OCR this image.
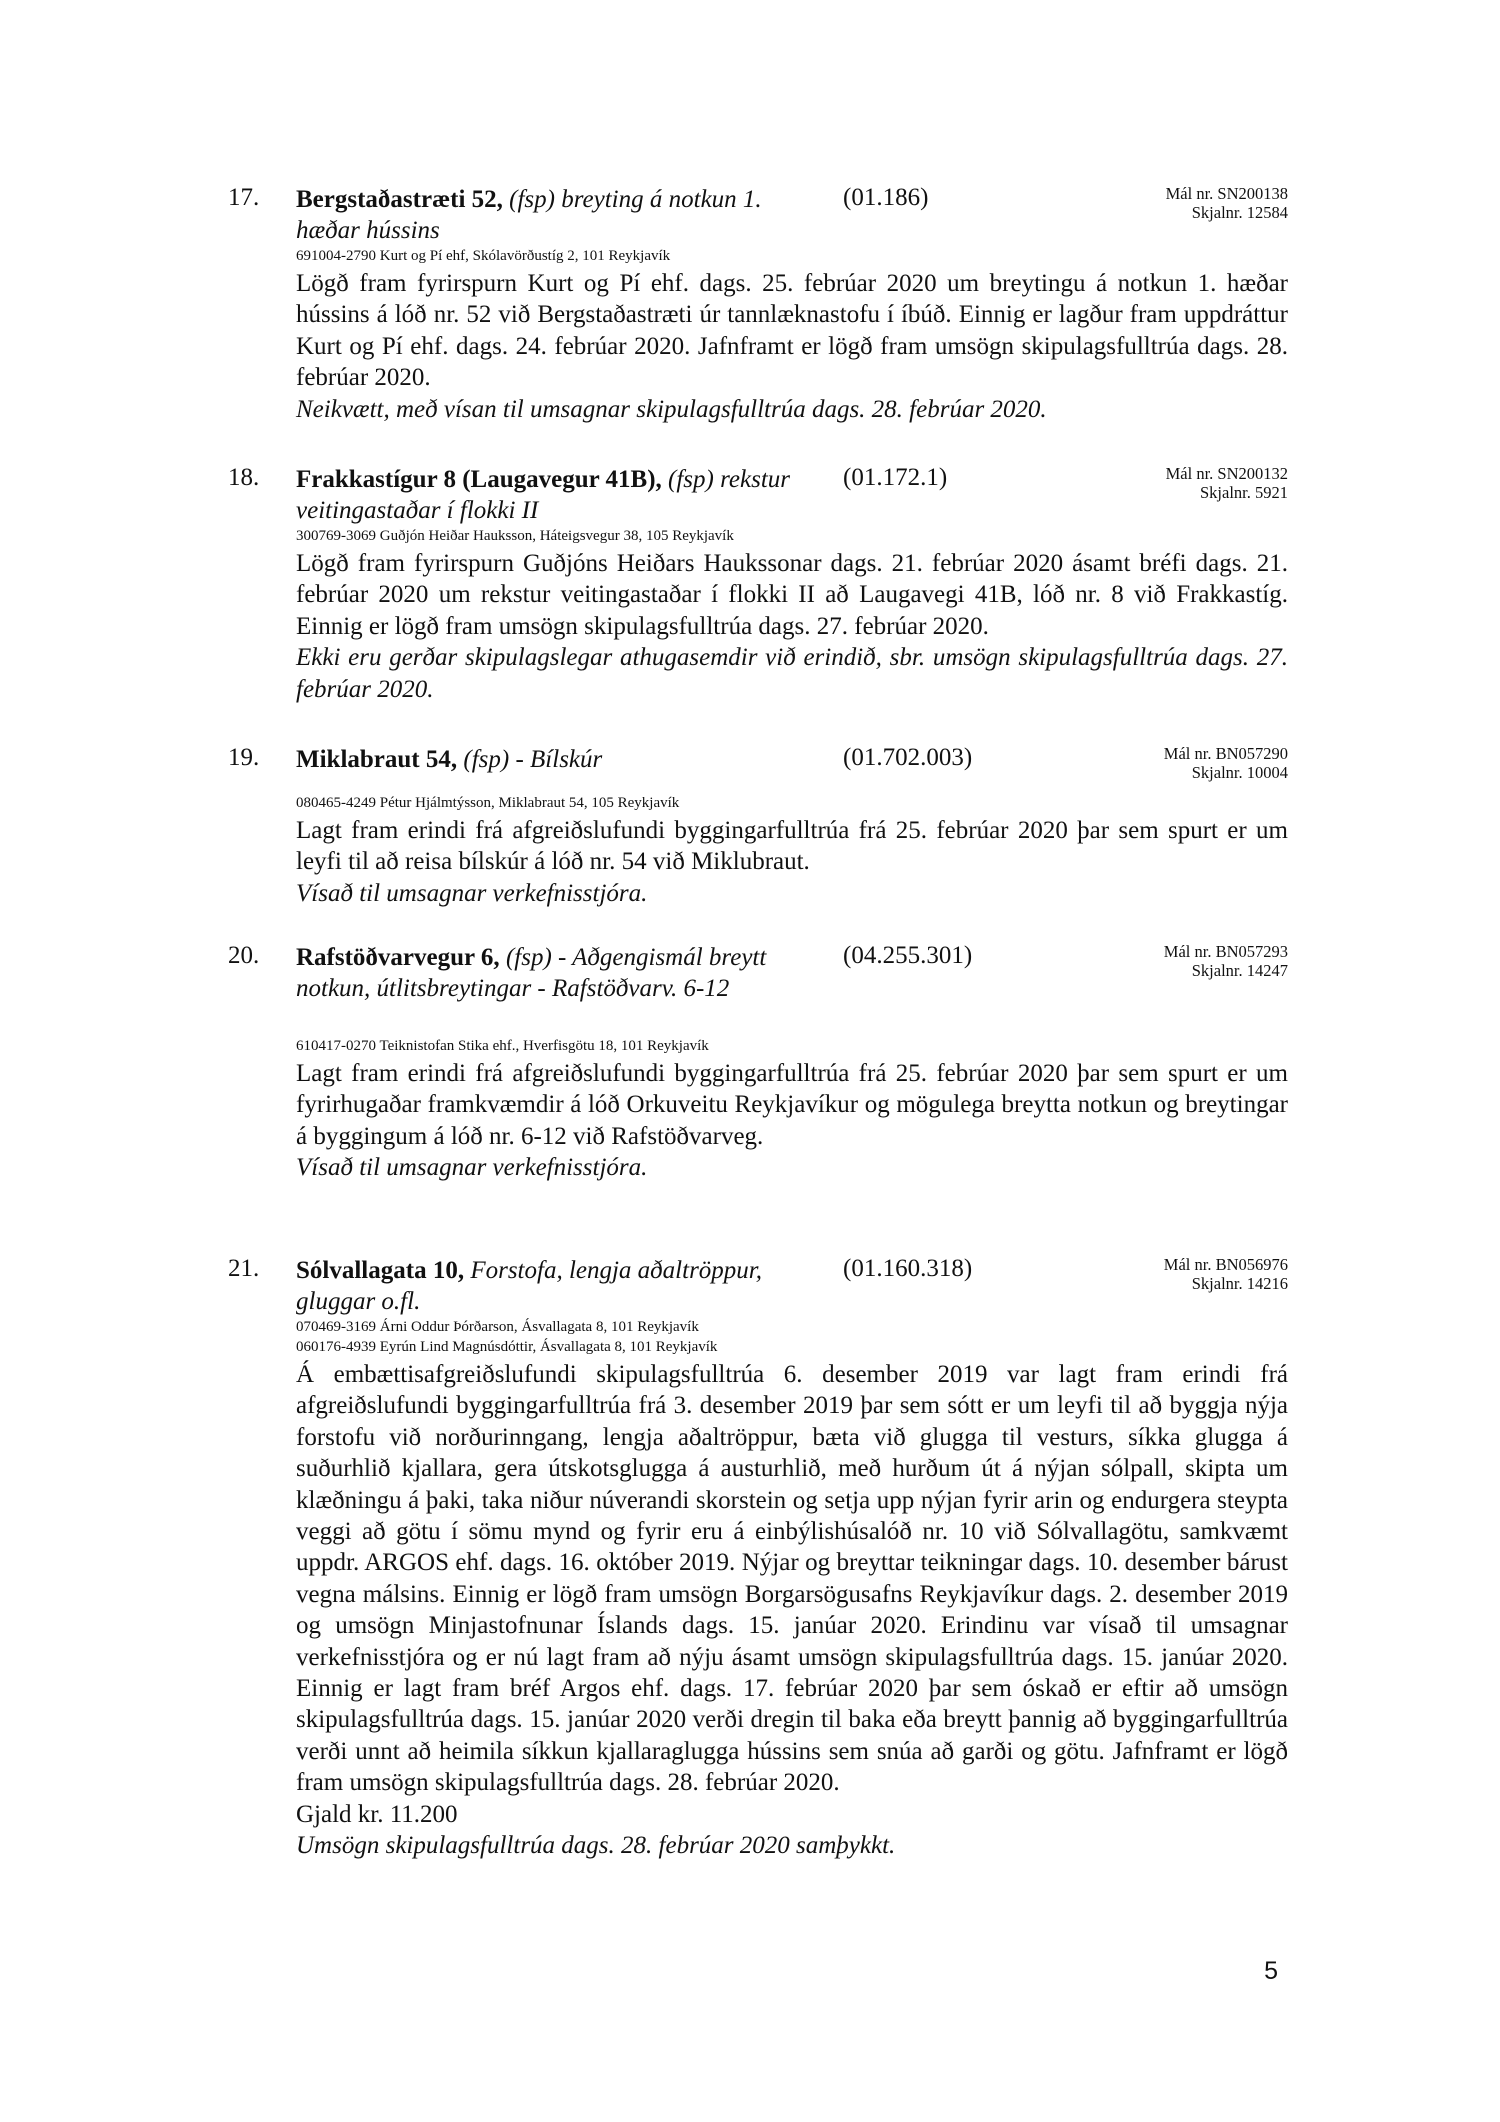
17. Bergstaðastræti 52, (fsp) breyting á notkun 1. hæðar hússins
(01.186)	Mál nr. SN200138
Skjalnr. 12584
691004-2790 Kurt og Pí ehf, Skólavörðustíg 2, 101 Reykjavík

Lögð fram fyrirspurn Kurt og Pí ehf. dags. 25. febrúar 2020 um breytingu á notkun 1. hæðar hússins á lóð nr. 52 við Bergstaðastræti úr tannlæknastofu í íbúð. Einnig er lagður fram uppdráttur Kurt og Pí ehf. dags. 24. febrúar 2020. Jafnframt er lögð fram umsögn skipulagsfulltrúa dags. 28. febrúar 2020.

Neikvætt, með vísan til umsagnar skipulagsfulltrúa dags. 28. febrúar 2020.

18. Frakkastígur 8 (Laugavegur 41B), (fsp) rekstur veitingastaðar í flokki II
(01.172.1)	Mál nr. SN200132
Skjalnr. 5921
300769-3069 Guðjón Heiðar Hauksson, Háteigsvegur 38, 105 Reykjavík

Lögð fram fyrirspurn Guðjóns Heiðars Haukssonar dags. 21. febrúar 2020 ásamt bréfi dags. 21. febrúar 2020 um rekstur veitingastaðar í flokki II að Laugavegi 41B, lóð nr. 8 við Frakkastíg. Einnig er lögð fram umsögn skipulagsfulltrúa dags. 27. febrúar 2020.

Ekki eru gerðar skipulagslegar athugasemdir við erindið, sbr. umsögn skipulagsfulltrúa dags. 27. febrúar 2020.

19. Miklabraut 54, (fsp) - Bílskúr	(01.702.003)	Mál nr. BN057290
Skjalnr. 10004
080465-4249 Pétur Hjálmtýsson, Miklabraut 54, 105 Reykjavík

Lagt fram erindi frá afgreiðslufundi byggingarfulltrúa frá 25. febrúar 2020 þar sem spurt er um leyfi til að reisa bílskúr á lóð nr. 54 við Miklubraut.

Vísað til umsagnar verkefnisstjóra.

20. Rafstöðvarvegur 6, (fsp) - Aðgengismál breytt notkun, útlitsbreytingar - Rafstöðvarv. 6-12
(04.255.301)	Mál nr. BN057293
Skjalnr. 14247
610417-0270 Teiknistofan Stika ehf., Hverfisgötu 18, 101 Reykjavík

Lagt fram erindi frá afgreiðslufundi byggingarfulltrúa frá 25. febrúar 2020 þar sem spurt er um fyrirhugaðar framkvæmdir á lóð Orkuveitu Reykjavíkur og mögulega breytta notkun og breytingar á byggingum á lóð nr. 6-12 við Rafstöðvarveg.

Vísað til umsagnar verkefnisstjóra.

21. Sólvallagata 10, Forstofa, lengja aðaltröppur, gluggar o.fl.
(01.160.318)	Mál nr. BN056976
Skjalnr. 14216
070469-3169 Árni Oddur Þórðarson, Ásvallagata 8, 101 Reykjavík
060176-4939 Eyrún Lind Magnúsdóttir, Ásvallagata 8, 101 Reykjavík

Á embættisafgreiðslufundi skipulagsfulltrúa 6. desember 2019 var lagt fram erindi frá afgreiðslufundi byggingarfulltrúa frá 3. desember 2019 þar sem sótt er um leyfi til að byggja nýja forstofu við norðurinngang, lengja aðaltröppur, bæta við glugga til vesturs, síkka glugga á suðurhlið kjallara, gera útskotsglugga á austurhlið, með hurðum út á nýjan sólpall, skipta um klæðningu á þaki, taka niður núverandi skorstein og setja upp nýjan fyrir arin og endurgera steypta veggi að götu í sömu mynd og fyrir eru á einbýlishúsalóð nr. 10 við Sólvallagötu, samkvæmt uppdr. ARGOS ehf. dags. 16. október 2019. Nýjar og breyttar teikningar dags. 10. desember bárust vegna málsins. Einnig er lögð fram umsögn Borgarsögusafns Reykjavíkur dags. 2. desember 2019 og umsögn Minjastofnunar Íslands dags. 15. janúar 2020. Erindinu var vísað til umsagnar verkefnisstjóra og er nú lagt fram að nýju ásamt umsögn skipulagsfulltrúa dags. 15. janúar 2020. Einnig er lagt fram bréf Argos ehf. dags. 17. febrúar 2020 þar sem óskað er eftir að umsögn skipulagsfulltrúa dags. 15. janúar 2020 verði dregin til baka eða breytt þannig að byggingarfulltrúa verði unnt að heimila síkkun kjallaraglugga hússins sem snúa að garði og götu. Jafnframt er lögð fram umsögn skipulagsfulltrúa dags. 28. febrúar 2020.

Gjald kr. 11.200

Umsögn skipulagsfulltrúa dags. 28. febrúar 2020 samþykkt.

5
